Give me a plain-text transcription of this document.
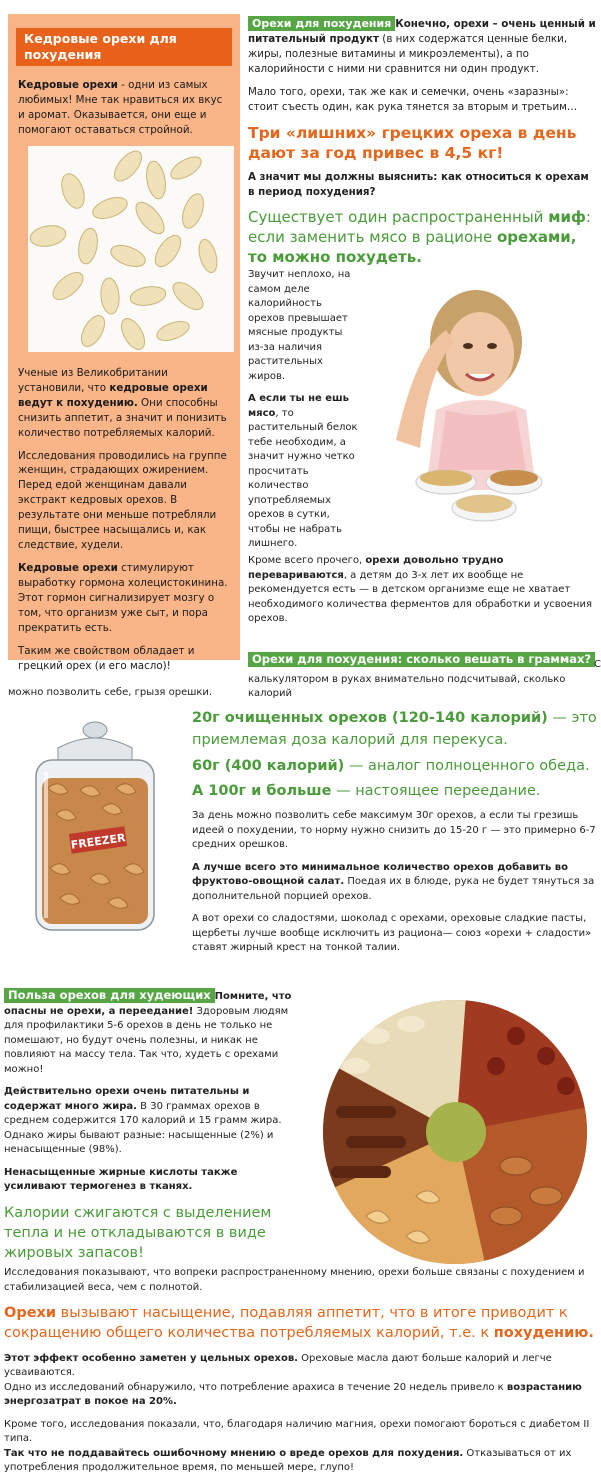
Кедровые орехи для похудения

Кедровые орехи - одни из самых любимых! Мне так нравиться их вкус и аромат. Оказывается, они еще и помогают оставаться стройной.

Ученые из Великобритании установили, что кедровые орехи ведут к похудению. Они способны снизить аппетит, а значит и понизить количество потребляемых калорий.

Исследования проводились на группе женщин, страдающих ожирением. Перед едой женщинам давали экстракт кедровых орехов. В результате они меньше потребляли пищи, быстрее насыщались и, как следствие, худели.

Кедровые орехи стимулируют выработку гормона холецистокинина. Этот гормон сигнализирует мозгу о том, что организм уже сыт, и пора прекратить есть.

Таким же свойством обладает и грецкий орех (и его масло)!

Орехи для похудения Конечно, орехи – очень ценный и питательный продукт (в них содержатся ценные белки, жиры, полезные витамины и микроэлементы), а по калорийности с ними ни сравнится ни один продукт.

Мало того, орехи, так же как и семечки, очень «заразны»: стоит съесть один, как рука тянется за вторым и третьим…

Три «лишних» грецких ореха в день дают за год привес в 4,5 кг!

А значит мы должны выяснить: как относиться к орехам в период похудения?

Существует один распространенный миф: если заменить мясо в рационе орехами, то можно похудеть.

Звучит неплохо, на самом деле калорийность орехов превышает мясные продукты из-за наличия растительных жиров.

А если ты не ешь мясо, то растительный белок тебе необходим, а значит нужно четко просчитать количество употребляемых орехов в сутки, чтобы не набрать лишнего.

Кроме всего прочего, орехи довольно трудно перевариваются, а детям до 3-х лет их вообще не рекомендуется есть — в детском организме еще не хватает необходимого количества ферментов для обработки и усвоения орехов.

Орехи для похудения: сколько вешать в граммах? С
калькулятором в руках внимательно подсчитывай, сколько калорий
можно позволить себе, грызя орешки.
FREEZER

20г очищенных орехов (120-140 калорий) — это приемлемая доза калорий для перекуса.

60г (400 калорий) — аналог полноценного обеда.

А 100г и больше — настоящее переедание.

За день можно позволить себе максимум 30г орехов, а если ты грезишь идеей о похудении, то норму нужно снизить до 15-20 г — это примерно 6-7 средних орешков.

А лучше всего это минимальное количество орехов добавить во фруктово-овощной салат. Поедая их в блюде, рука не будет тянуться за дополнительной порцией орехов.

А вот орехи со сладостями, шоколад с орехами, ореховые сладкие пасты, щербеты лучше вообще исключить из рациона— союз «орехи + сладости» ставят жирный крест на тонкой талии.

Польза орехов для худеющих Помните, что опасны не орехи, а переедание! Здоровым людям для профилактики 5-6 орехов в день не только не помешают, но будут очень полезны, и никак не повлияют на массу тела. Так что, худеть с орехами можно!

Действительно орехи очень питательны и содержат много жира. В 30 граммах орехов в среднем содержится 170 калорий и 15 грамм жира. Однако жиры бывают разные: насыщенные (2%) и ненасыщенные (98%).

Ненасыщенные жирные кислоты также усиливают термогенез в тканях.

Калории сжигаются с выделением тепла и не откладываются в виде жировых запасов!

Исследования показывают, что вопреки распространенному мнению, орехи больше связаны с похудением и стабилизацией веса, чем с полнотой.

Орехи вызывают насыщение, подавляя аппетит, что в итоге приводит к сокращению общего количества потребляемых калорий, т.е. к похудению.

Этот эффект особенно заметен у цельных орехов. Ореховые масла дают больше калорий и легче усваиваются.

Одно из исследований обнаружило, что потребление арахиса в течение 20 недель привело к возрастанию энергозатрат в покое на 20%.

Кроме того, исследования показали, что, благодаря наличию магния, орехи помогают бороться с диабетом II типа.

Так что не поддавайтесь ошибочному мнению о вреде орехов для похудения. Отказываться от их употребления продолжительное время, по меньшей мере, глупо!
